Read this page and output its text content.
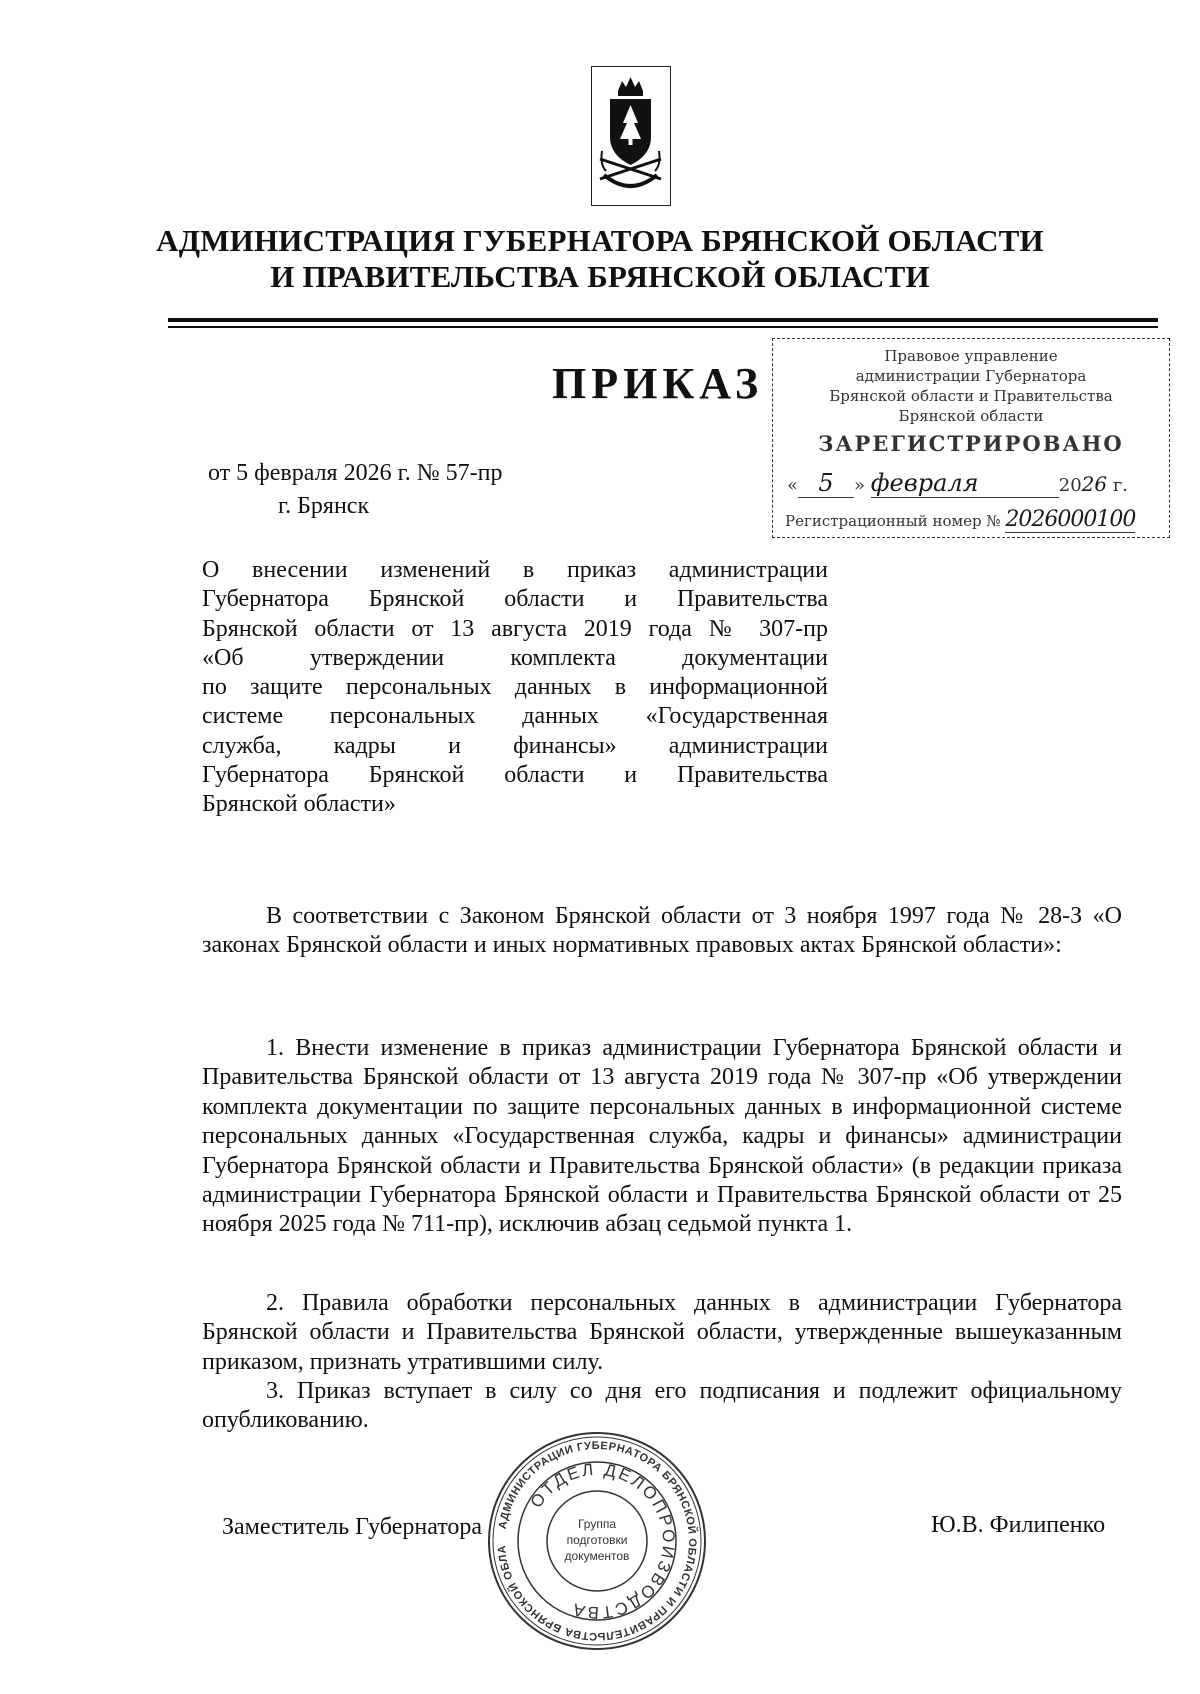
АДМИНИСТРАЦИЯ ГУБЕРНАТОРА БРЯНСКОЙ ОБЛАСТИ
И ПРАВИТЕЛЬСТВА БРЯНСКОЙ ОБЛАСТИ
ПРИКАЗ
от 5 февраля 2026 г. № 57-пр
г. Брянск
Правовое управление
администрации Губернатора
Брянской области и Правительства
Брянской области
ЗАРЕГИСТРИРОВАНО
« 5 » февраля	2026 г.
Регистрационный номер № 2026000100
О внесении изменений в приказ администрации
Губернатора Брянской области и Правительства
Брянской области от 13 августа 2019 года № 307-пр
«Об утверждении комплекта документации
по защите персональных данных в информационной
системе персональных данных «Государственная
служба, кадры и финансы» администрации
Губернатора Брянской области и Правительства
Брянской области»
В соответствии с Законом Брянской области от 3 ноября 1997 года № 28-З «О законах Брянской области и иных нормативных правовых актах Брянской области»:
1. Внести изменение в приказ администрации Губернатора Брянской области и Правительства Брянской области от 13 августа 2019 года № 307-пр «Об утверждении комплекта документации по защите персональных данных в информационной системе персональных данных «Государственная служба, кадры и финансы» администрации Губернатора Брянской области и Правительства Брянской области» (в редакции приказа администрации Губернатора Брянской области и Правительства Брянской области от 25 ноября 2025 года № 711-пр), исключив абзац седьмой пункта 1.
2. Правила обработки персональных данных в администрации Губернатора Брянской области и Правительства Брянской области, утвержденные вышеуказанным приказом, признать утратившими силу.
3. Приказ вступает в силу со дня его подписания и подлежит официальному опубликованию.
Заместитель Губернатора	Ю.В. Филипенко
АДМИНИСТРАЦИИ ГУБЕРНАТОРА БРЯНСКОЙ ОБЛАСТИ И ПРАВИТЕЛЬСТВА БРЯНСКОЙ ОБЛА
ОТДЕЛ ДЕЛОПРОИЗВОДСТВА
Группа
подготовки
документов
